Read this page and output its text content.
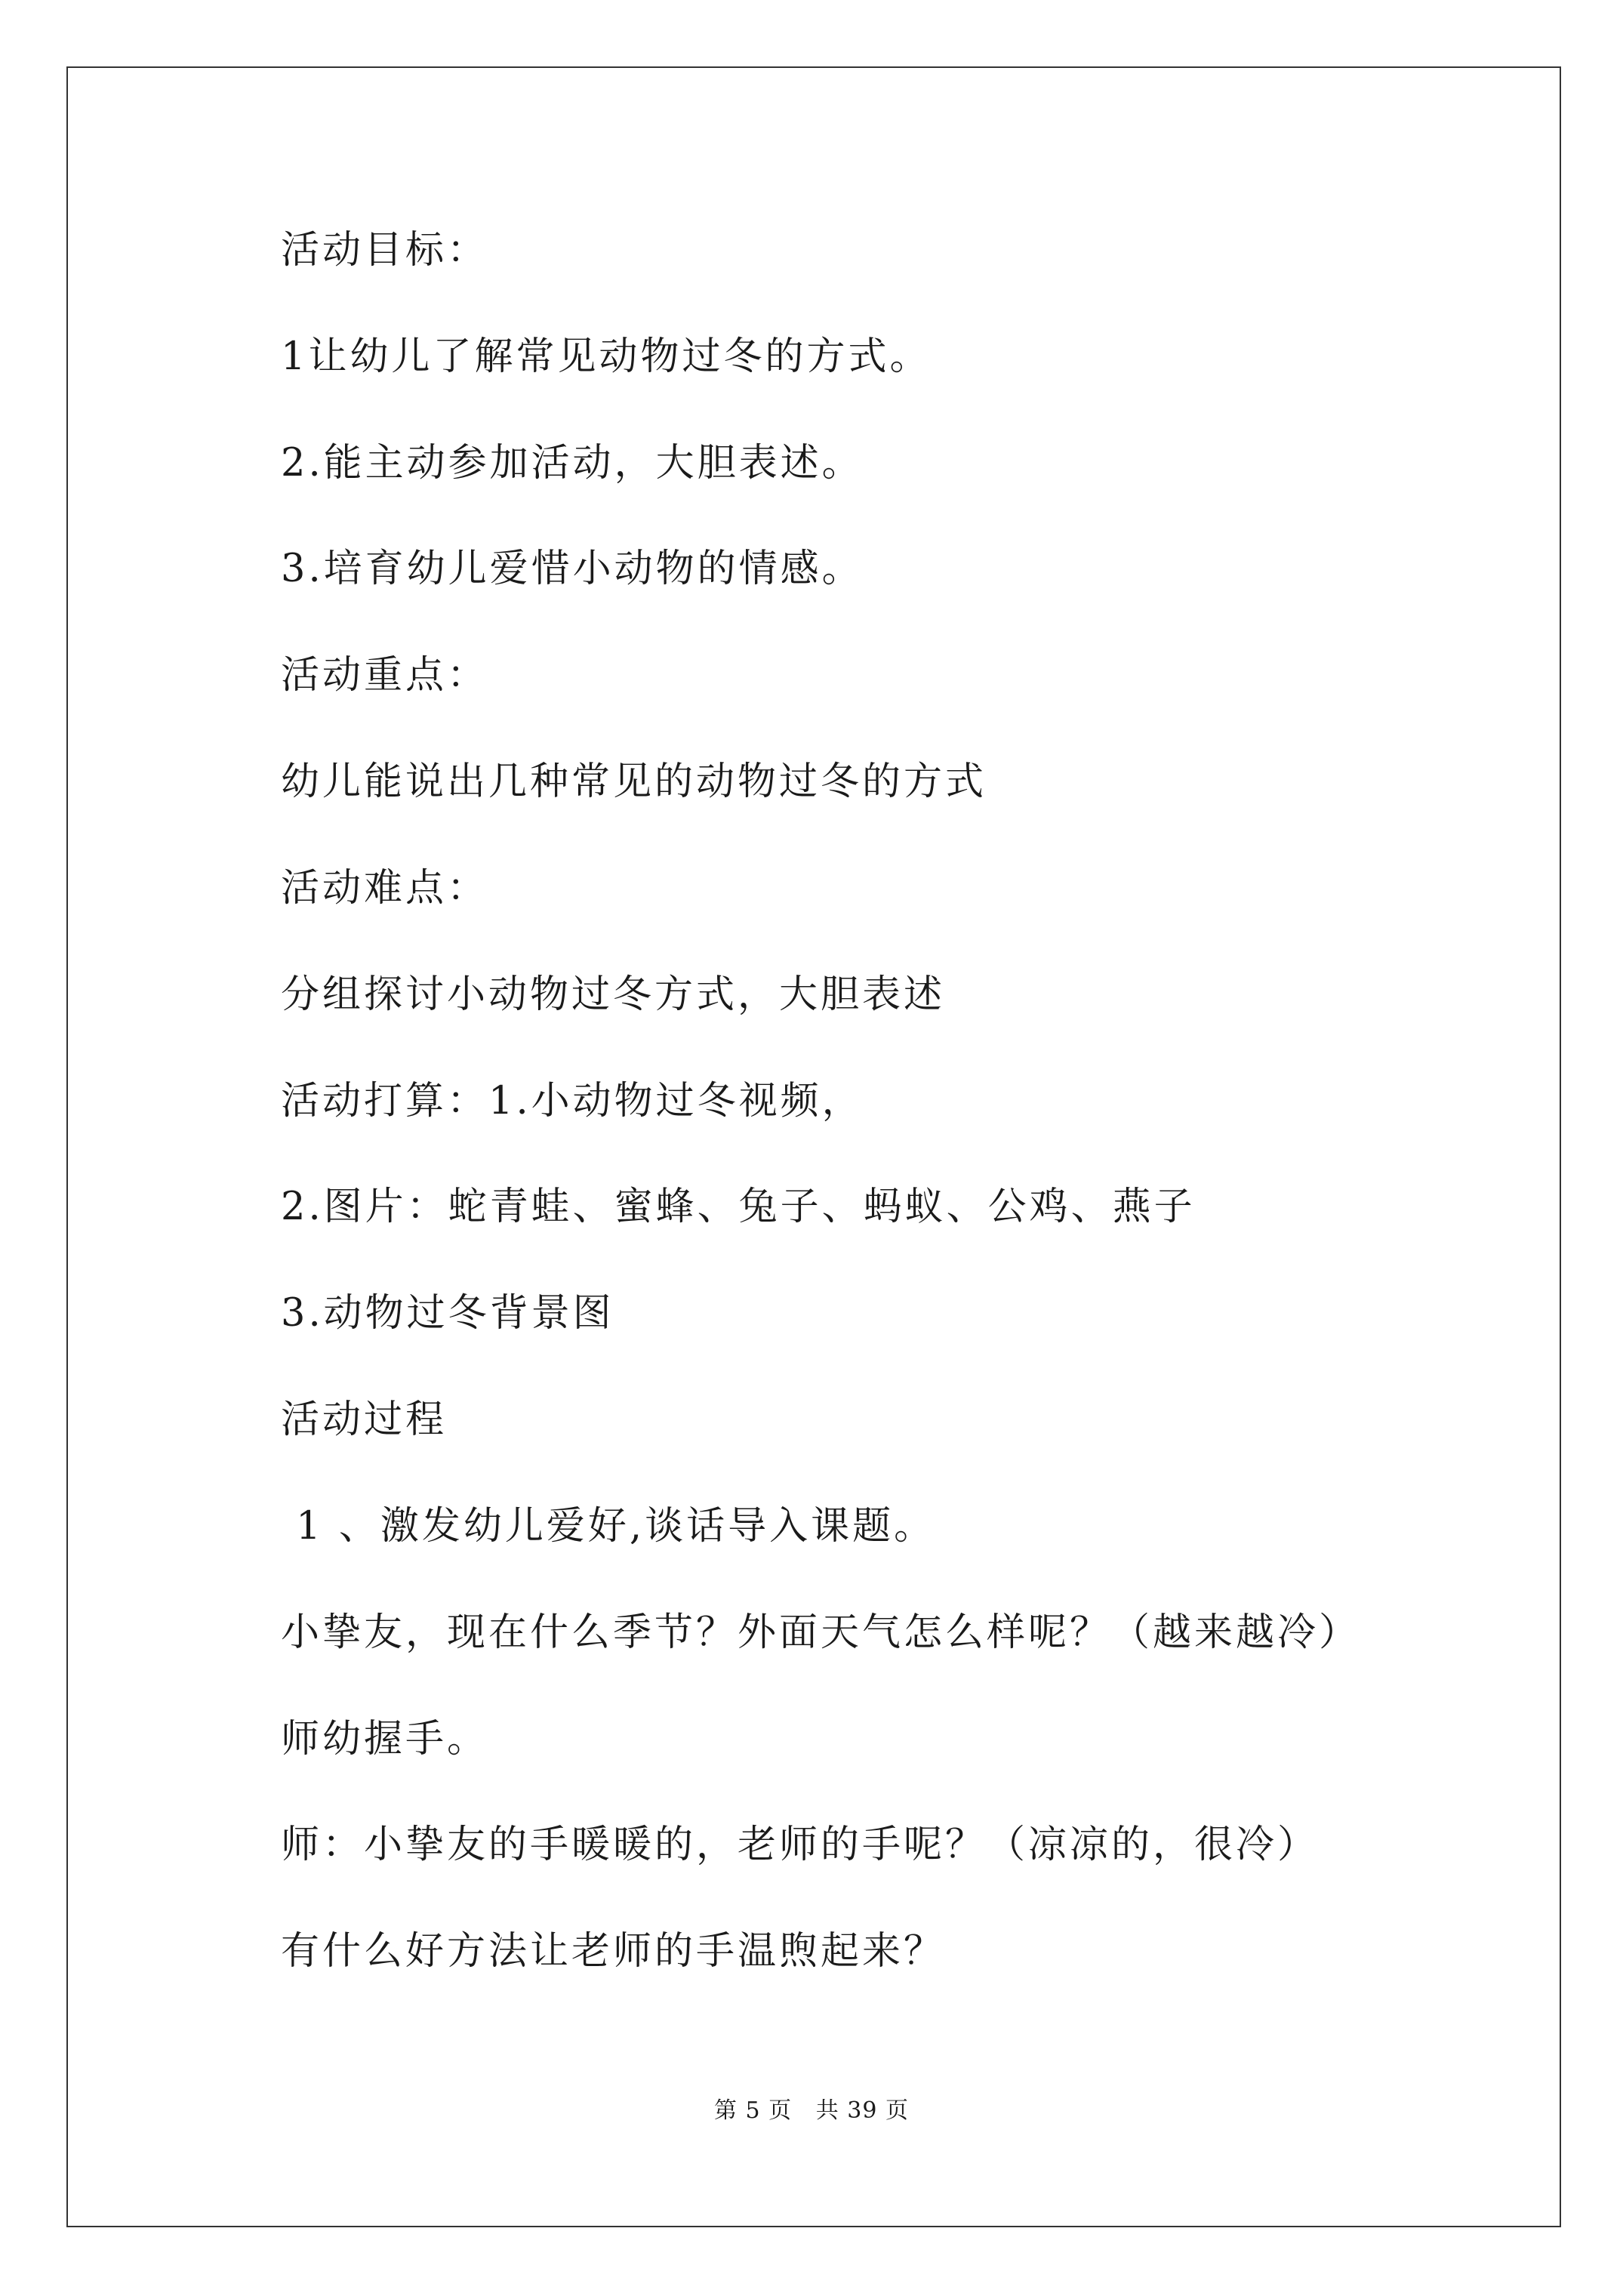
活动目标：
1让幼儿了解常见动物过冬的方式。
2.能主动参加活动，大胆表述。
3.培育幼儿爱惜小动物的情感。
活动重点：
幼儿能说出几种常见的动物过冬的方式
活动难点：
分组探讨小动物过冬方式，大胆表述
活动打算：1.小动物过冬视频，
2.图片：蛇青蛙、蜜蜂、兔子、蚂蚁、公鸡、燕子
3.动物过冬背景图
活动过程
1 、激发幼儿爱好,谈话导入课题。
小挚友，现在什么季节？外面天气怎么样呢？（越来越冷）
师幼握手。
师：小挚友的手暖暖的，老师的手呢？（凉凉的，很冷）
有什么好方法让老师的手温煦起来？
第 5 页   共 39 页
